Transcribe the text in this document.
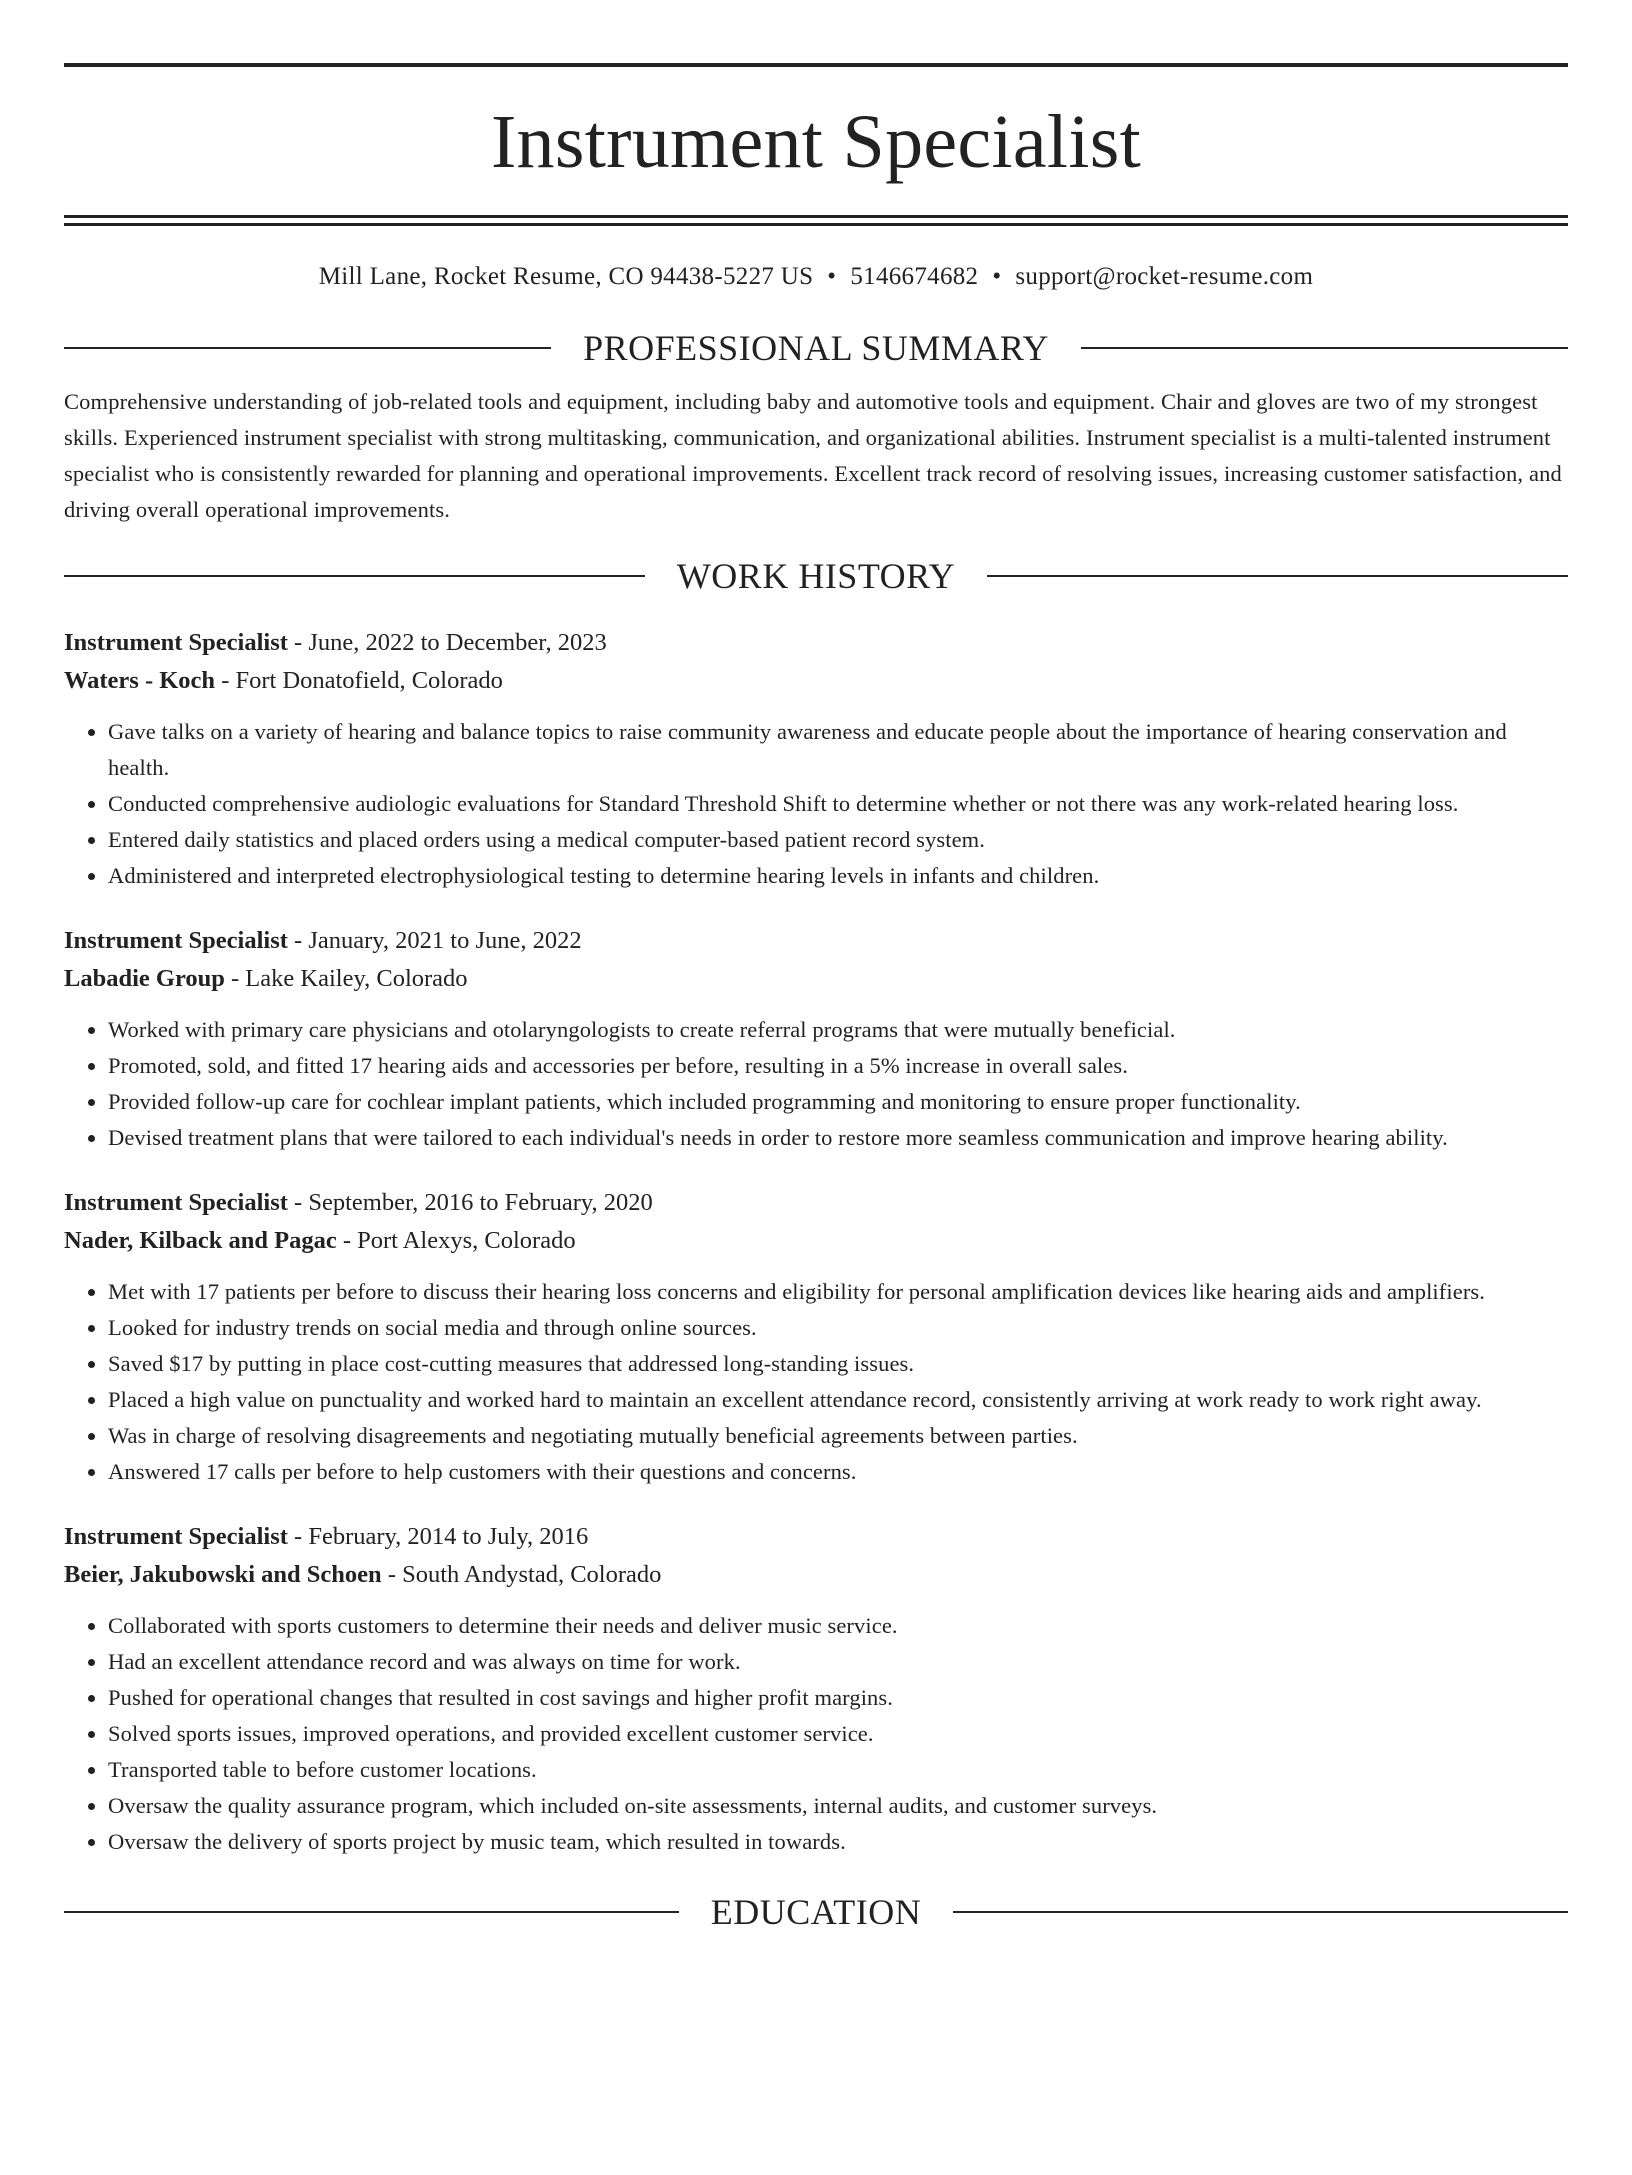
Instrument Specialist
Mill Lane, Rocket Resume, CO 94438-5227 US • 5146674682 • support@rocket-resume.com
PROFESSIONAL SUMMARY
Comprehensive understanding of job-related tools and equipment, including baby and automotive tools and equipment. Chair and gloves are two of my strongest skills. Experienced instrument specialist with strong multitasking, communication, and organizational abilities. Instrument specialist is a multi-talented instrument specialist who is consistently rewarded for planning and operational improvements. Excellent track record of resolving issues, increasing customer satisfaction, and driving overall operational improvements.
WORK HISTORY
Instrument Specialist - June, 2022 to December, 2023
Waters - Koch - Fort Donatofield, Colorado
• Gave talks on a variety of hearing and balance topics to raise community awareness and educate people about the importance of hearing conservation and health.
• Conducted comprehensive audiologic evaluations for Standard Threshold Shift to determine whether or not there was any work-related hearing loss.
• Entered daily statistics and placed orders using a medical computer-based patient record system.
• Administered and interpreted electrophysiological testing to determine hearing levels in infants and children.
Instrument Specialist - January, 2021 to June, 2022
Labadie Group - Lake Kailey, Colorado
• Worked with primary care physicians and otolaryngologists to create referral programs that were mutually beneficial.
• Promoted, sold, and fitted 17 hearing aids and accessories per before, resulting in a 5% increase in overall sales.
• Provided follow-up care for cochlear implant patients, which included programming and monitoring to ensure proper functionality.
• Devised treatment plans that were tailored to each individual's needs in order to restore more seamless communication and improve hearing ability.
Instrument Specialist - September, 2016 to February, 2020
Nader, Kilback and Pagac - Port Alexys, Colorado
• Met with 17 patients per before to discuss their hearing loss concerns and eligibility for personal amplification devices like hearing aids and amplifiers.
• Looked for industry trends on social media and through online sources.
• Saved $17 by putting in place cost-cutting measures that addressed long-standing issues.
• Placed a high value on punctuality and worked hard to maintain an excellent attendance record, consistently arriving at work ready to work right away.
• Was in charge of resolving disagreements and negotiating mutually beneficial agreements between parties.
• Answered 17 calls per before to help customers with their questions and concerns.
Instrument Specialist - February, 2014 to July, 2016
Beier, Jakubowski and Schoen - South Andystad, Colorado
• Collaborated with sports customers to determine their needs and deliver music service.
• Had an excellent attendance record and was always on time for work.
• Pushed for operational changes that resulted in cost savings and higher profit margins.
• Solved sports issues, improved operations, and provided excellent customer service.
• Transported table to before customer locations.
• Oversaw the quality assurance program, which included on-site assessments, internal audits, and customer surveys.
• Oversaw the delivery of sports project by music team, which resulted in towards.
EDUCATION
